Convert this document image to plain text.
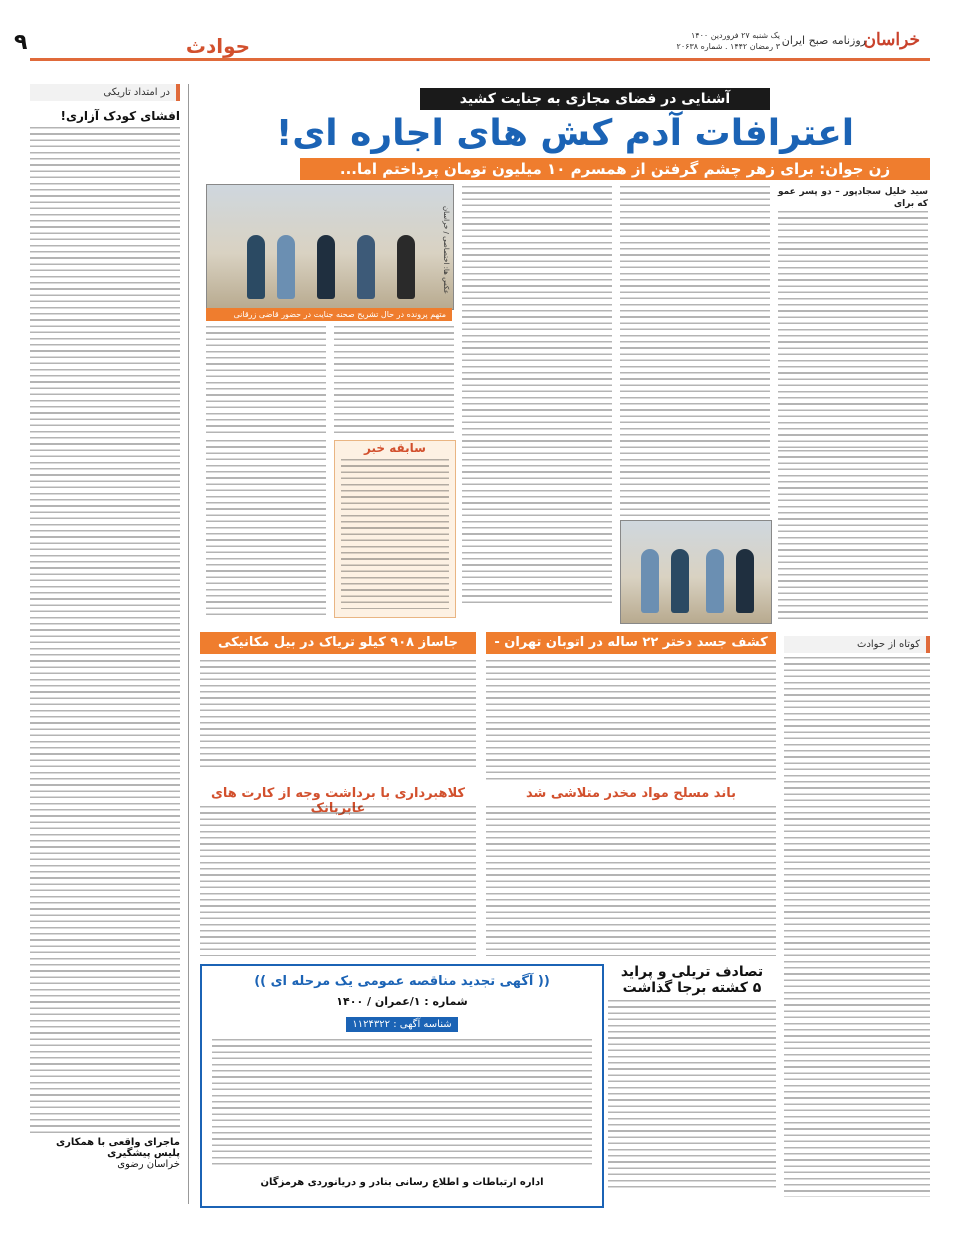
۹	حوادث	خراسان
روزنامه صبح ایران
یک شنبه ۲۷ فروردین ۱۴۰۰
۳ رمضان ۱۴۴۲ . شماره ۲۰۶۳۸
در امتداد تاریکی
افشای کودک آزاری!
ماجرای واقعی با همکاری پلیس پیشگیری
خراسان رضوی
آشنایی در فضای مجازی به جنایت کشید
اعترافات آدم کش های اجاره ای!
زن جوان: برای زهر چشم گرفتن از همسرم ۱۰ میلیون تومان پرداختم اما...
سید خلیل سجادپور – دو پسر عمو که برای
متهم پرونده در حال تشریح صحنه جنایت در حضور قاضی زرقانی
عکس ها: اختصاصی / خراسان
سابقه خبر
جاساز ۹۰۸ کیلو تریاک در بیل مکانیکی لوفت!
کشف جسد دختر ۲۲ ساله در اتوبان تهران - کرج
کلاهبرداری با برداشت وجه از کارت های عابربانک
باند مسلح مواد مخدر متلاشی شد
(( آگهی تجدید مناقصه عمومی یک مرحله ای ))
شماره : ۱/عمران / ۱۴۰۰
شناسه آگهی : ۱۱۲۴۳۲۲
اداره ارتباطات و اطلاع رسانی بنادر و دریانوردی هرمزگان
تصادف تریلی و پراید
۵ کشته برجا گذاشت
کوتاه از حوادث
